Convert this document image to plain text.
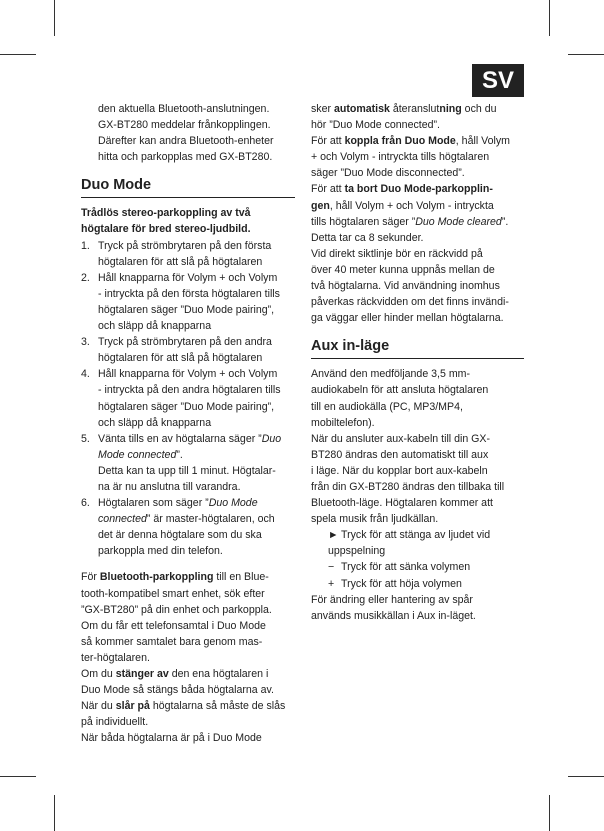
SV

den aktuella Bluetooth-anslutningen.

GX-BT280 meddelar frånkopplingen.

Därefter kan andra Bluetooth-enheter

hitta och parkopplas med GX-BT280.

Duo Mode

Trådlös stereo-parkoppling av två

högtalare för bred stereo-ljudbild.

1. Tryck på strömbrytaren på den första
högtalaren för att slå på högtalaren
2. Håll knapparna för Volym + och Volym
- intryckta på den första högtalaren tills
högtalaren säger ”Duo Mode pairing”,
och släpp då knapparna
3. Tryck på strömbrytaren på den andra
högtalaren för att slå på högtalaren
4. Håll knapparna för Volym + och Volym
- intryckta på den andra högtalaren tills
högtalaren säger ”Duo Mode pairing”,
och släpp då knapparna
5. Vänta tills en av högtalarna säger ”Duo
Mode connected”.
Detta kan ta upp till 1 minut. Högtalar-
na är nu anslutna till varandra.
6. Högtalaren som säger ”Duo Mode
connected” är master-högtalaren, och
det är denna högtalare som du ska
parkoppla med din telefon.

För Bluetooth-parkoppling till en Blue-

tooth-kompatibel smart enhet, sök efter

”GX-BT280” på din enhet och parkoppla.

Om du får ett telefonsamtal i Duo Mode

så kommer samtalet bara genom mas-

ter-högtalaren.

Om du stänger av den ena högtalaren i

Duo Mode så stängs båda högtalarna av.

När du slår på högtalarna så måste de slås

på individuellt.

När båda högtalarna är på i Duo Mode

sker automatisk återanslutning och du

hör ”Duo Mode connected”.

För att koppla från Duo Mode, håll Volym

+ och Volym - intryckta tills högtalaren

säger ”Duo Mode disconnected”.

För att ta bort Duo Mode-parkopplin-

gen, håll Volym + och Volym - intryckta

tills högtalaren säger ”Duo Mode cleared”.

Detta tar ca 8 sekunder.

Vid direkt siktlinje bör en räckvidd på

över 40 meter kunna uppnås mellan de

två högtalarna. Vid användning inomhus

påverkas räckvidden om det finns invändi-

ga väggar eller hinder mellan högtalarna.

Aux in-läge

Använd den medföljande 3,5 mm-

audiokabeln för att ansluta högtalaren

till en audiokälla (PC, MP3/MP4,

mobiltelefon).

När du ansluter aux-kabeln till din GX-

BT280 ändras den automatiskt till aux

i läge. När du kopplar bort aux-kabeln

från din GX-BT280 ändras den tillbaka till

Bluetooth-läge. Högtalaren kommer att

spela musik från ljudkällan.

► Tryck för att stänga av ljudet vid

uppspelning

− Tryck för att sänka volymen

+ Tryck för att höja volymen

För ändring eller hantering av spår

används musikkällan i Aux in-läget.
